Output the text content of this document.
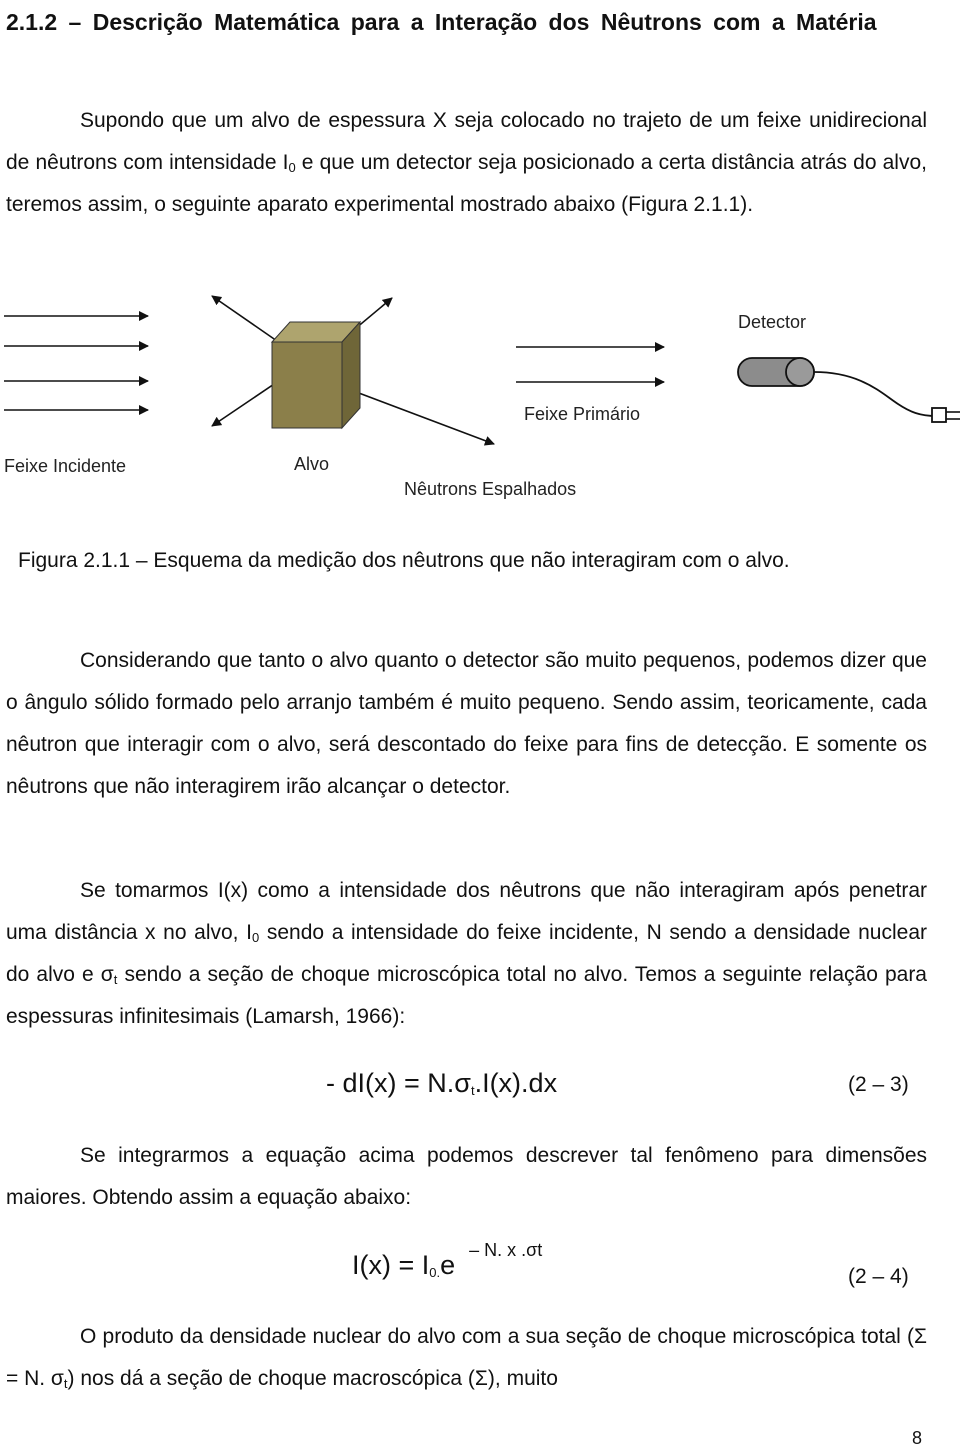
2.1.2 – Descrição Matemática para a Interação dos Nêutrons com a Matéria

Supondo que um alvo de espessura X seja colocado no trajeto de um feixe unidirecional de nêutrons com intensidade $I_0$ e que um detector seja posicionado a certa distância atrás do alvo, teremos assim, o seguinte aparato experimental mostrado abaixo (Figura 2.1.1).

Detector
Feixe Primário
Feixe Incidente	Alvo
Nêutrons Espalhados
Figura 2.1.1 – Esquema da medição dos nêutrons que não interagiram com o alvo.

Considerando que tanto o alvo quanto o detector são muito pequenos, podemos dizer que o ângulo sólido formado pelo arranjo também é muito pequeno. Sendo assim, teoricamente, cada nêutron que interagir com o alvo, será descontado do feixe para fins de detecção. E somente os nêutrons que não interagirem irão alcançar o detector.

Se tomarmos I(x) como a intensidade dos nêutrons que não interagiram após penetrar uma distância x no alvo, $I_0$ sendo a intensidade do feixe incidente, N sendo a densidade nuclear do alvo e $\sigma_t$ sendo a seção de choque microscópica total no alvo. Temos a seguinte relação para espessuras infinitesimais (Lamarsh, 1966):

- $dI(x) = N.\sigma_t.I(x).dx$	(2 – 3)

Se integrarmos a equação acima podemos descrever tal fenômeno para dimensões maiores. Obtendo assim a equação abaixo:

$I(x) = I_{0.}e$ $^{- N. x .\sigma t}$
(2 – 4)

O produto da densidade nuclear do alvo com a sua seção de choque microscópica total (Σ = N. $\sigma_t$) nos dá a seção de choque macroscópica (Σ), muito

8
